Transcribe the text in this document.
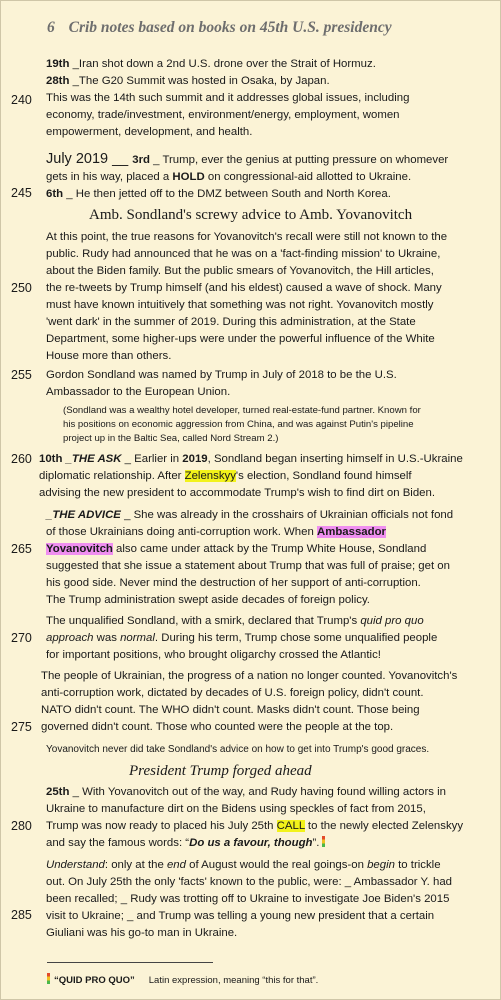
6 Crib notes based on books on 45th U.S. presidency
240
245
250
255
260
265
270
275
280
285
19th _Iran shot down a 2nd U.S. drone over the Strait of Hormuz.
28th _The G20 Summit was hosted in Osaka, by Japan.
This was the 14th such summit and it addresses global issues, including
economy, trade/investment, environment/energy, employment, women
empowerment, development, and health.
July 2019 __ 3rd _ Trump, ever the genius at putting pressure on whomever
gets in his way, placed a HOLD on congressional-aid allotted to Ukraine.
6th _ He then jetted off to the DMZ between South and North Korea.
Amb. Sondland's screwy advice to Amb. Yovanovitch
At this point, the true reasons for Yovanovitch's recall were still not known to the
public. Rudy had announced that he was on a 'fact-finding mission' to Ukraine,
about the Biden family. But the public smears of Yovanovitch, the Hill articles,
the re-tweets by Trump himself (and his eldest) caused a wave of shock. Many
must have known intuitively that something was not right. Yovanovitch mostly
'went dark' in the summer of 2019. During this administration, at the State
Department, some higher-ups were under the powerful influence of the White
House more than others.
Gordon Sondland was named by Trump in July of 2018 to be the U.S.
Ambassador to the European Union.
(Sondland was a wealthy hotel developer, turned real-estate-fund partner. Known for
his positions on economic aggression from China, and was against Putin's pipeline
project up in the Baltic Sea, called Nord Stream 2.)
10th _THE ASK _ Earlier in 2019, Sondland began inserting himself in U.S.-Ukraine
diplomatic relationship. After Zelenskyy's election, Sondland found himself
advising the new president to accommodate Trump's wish to find dirt on Biden.
_THE ADVICE _ She was already in the crosshairs of Ukrainian officials not fond
of those Ukrainians doing anti-corruption work. When Ambassador
Yovanovitch also came under attack by the Trump White House, Sondland
suggested that she issue a statement about Trump that was full of praise; get on
his good side. Never mind the destruction of her support of anti-corruption.
The Trump administration swept aside decades of foreign policy.
The unqualified Sondland, with a smirk, declared that Trump's quid pro quo
approach was normal. During his term, Trump chose some unqualified people
for important positions, who brought oligarchy crossed the Atlantic!
The people of Ukrainian, the progress of a nation no longer counted. Yovanovitch's
anti-corruption work, dictated by decades of U.S. foreign policy, didn't count.
NATO didn't count. The WHO didn't count. Masks didn't count. Those being
governed didn't count. Those who counted were the people at the top.
Yovanovitch never did take Sondland's advice on how to get into Trump's good graces.
President Trump forged ahead
25th _ With Yovanovitch out of the way, and Rudy having found willing actors in
Ukraine to manufacture dirt on the Bidens using speckles of fact from 2015,
Trump was now ready to placed his July 25th CALL to the newly elected Zelenskyy
and say the famous words: “Do us a favour, though”.
Understand: only at the end of August would the real goings-on begin to trickle
out. On July 25th the only 'facts' known to the public, were: _ Ambassador Y. had
been recalled; _ Rudy was trotting off to Ukraine to investigate Joe Biden's 2015
visit to Ukraine; _ and Trump was telling a young new president that a certain
Giuliani was his go-to man in Ukraine.
“QUID PRO QUO” Latin expression, meaning “this for that”.
